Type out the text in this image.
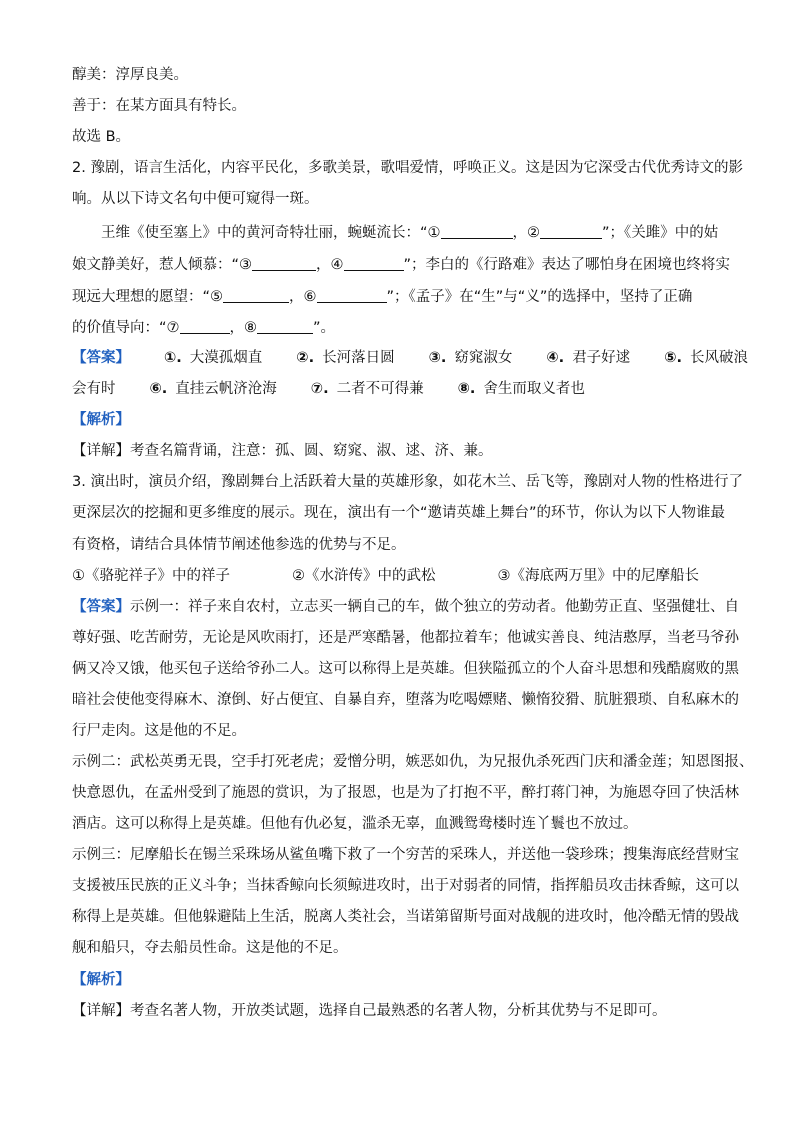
醇美：淳厚良美。
善于：在某方面具有特长。
故选 B。
2. 豫剧，语言生活化，内容平民化，多歌美景，歌唱爱情，呼唤正义。这是因为它深受古代优秀诗文的影
响。从以下诗文名句中便可窥得一斑。
王维《使至塞上》中的黄河奇特壮丽，蜿蜒流长：“①	，②	”；《关雎》中的姑
娘文静美好，惹人倾慕：“③	，④	”；李白的《行路难》表达了哪怕身在困境也终将实
现远大理想的愿望：“⑤	，⑥	”；《孟子》在“生”与“义”的选择中，坚持了正确
的价值导向：“⑦	，⑧	”。
【答案】 ①. 大漠孤烟直 ②. 长河落日圆 ③. 窈窕淑女 ④. 君子好逑 ⑤. 长风破浪
会有时 ⑥. 直挂云帆济沧海 ⑦. 二者不可得兼 ⑧. 舍生而取义者也
【解析】
【详解】考查名篇背诵，注意：孤、圆、窈窕、淑、逑、济、兼。
3. 演出时，演员介绍，豫剧舞台上活跃着大量的英雄形象，如花木兰、岳飞等，豫剧对人物的性格进行了
更深层次的挖掘和更多维度的展示。现在，演出有一个“邀请英雄上舞台”的环节，你认为以下人物谁最
有资格，请结合具体情节阐述他参选的优势与不足。
①《骆驼祥子》中的祥子	②《水浒传》中的武松	③《海底两万里》中的尼摩船长
【答案】示例一：祥子来自农村，立志买一辆自己的车，做个独立的劳动者。他勤劳正直、坚强健壮、自
尊好强、吃苦耐劳，无论是风吹雨打，还是严寒酷暑，他都拉着车；他诚实善良、纯洁憨厚，当老马爷孙
俩又冷又饿，他买包子送给爷孙二人。这可以称得上是英雄。但狭隘孤立的个人奋斗思想和残酷腐败的黑
暗社会使他变得麻木、潦倒、好占便宜、自暴自弃，堕落为吃喝嫖赌、懒惰狡猾、肮脏猥琐、自私麻木的
行尸走肉。这是他的不足。
示例二：武松英勇无畏，空手打死老虎；爱憎分明，嫉恶如仇，为兄报仇杀死西门庆和潘金莲；知恩图报、
快意恩仇，在孟州受到了施恩的赏识，为了报恩，也是为了打抱不平，醉打蒋门神，为施恩夺回了快活林
酒店。这可以称得上是英雄。但他有仇必复，滥杀无辜，血溅鸳鸯楼时连丫鬟也不放过。
示例三：尼摩船长在锡兰采珠场从鲨鱼嘴下救了一个穷苦的采珠人，并送他一袋珍珠；搜集海底经营财宝
支援被压民族的正义斗争；当抹香鲸向长须鲸进攻时，出于对弱者的同情，指挥船员攻击抹香鲸，这可以
称得上是英雄。但他躲避陆上生活，脱离人类社会，当诺第留斯号面对战舰的进攻时，他冷酷无情的毁战
舰和船只，夺去船员性命。这是他的不足。
【解析】
【详解】考查名著人物，开放类试题，选择自己最熟悉的名著人物，分析其优势与不足即可。
